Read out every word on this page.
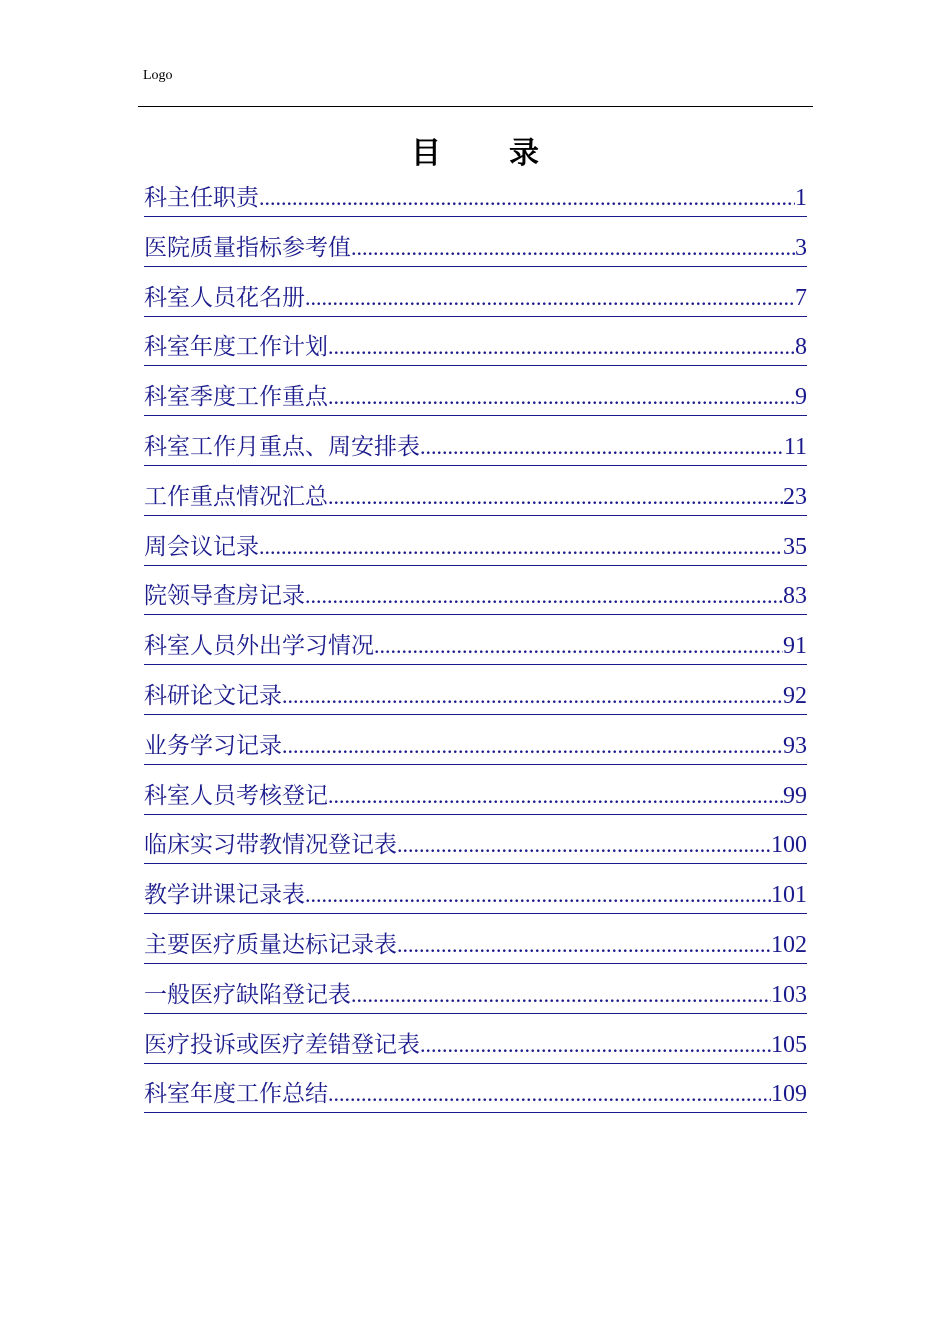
Logo
目录
科主任职责 .....	1
医院质量指标参考值 .....	3
科室人员花名册 .....	7
科室年度工作计划 .....	8
科室季度工作重点 .....	9
科室工作月重点、周安排表 .....	11
工作重点情况汇总 .....	23
周会议记录 .....	35
院领导查房记录 .....	83
科室人员外出学习情况 .....	91
科研论文记录 .....	92
业务学习记录 .....	93
科室人员考核登记 .....	99
临床实习带教情况登记表 .....	100
教学讲课记录表 .....	101
主要医疗质量达标记录表 .....	102
一般医疗缺陷登记表 .....	103
医疗投诉或医疗差错登记表 .....	105
科室年度工作总结 .....	109
